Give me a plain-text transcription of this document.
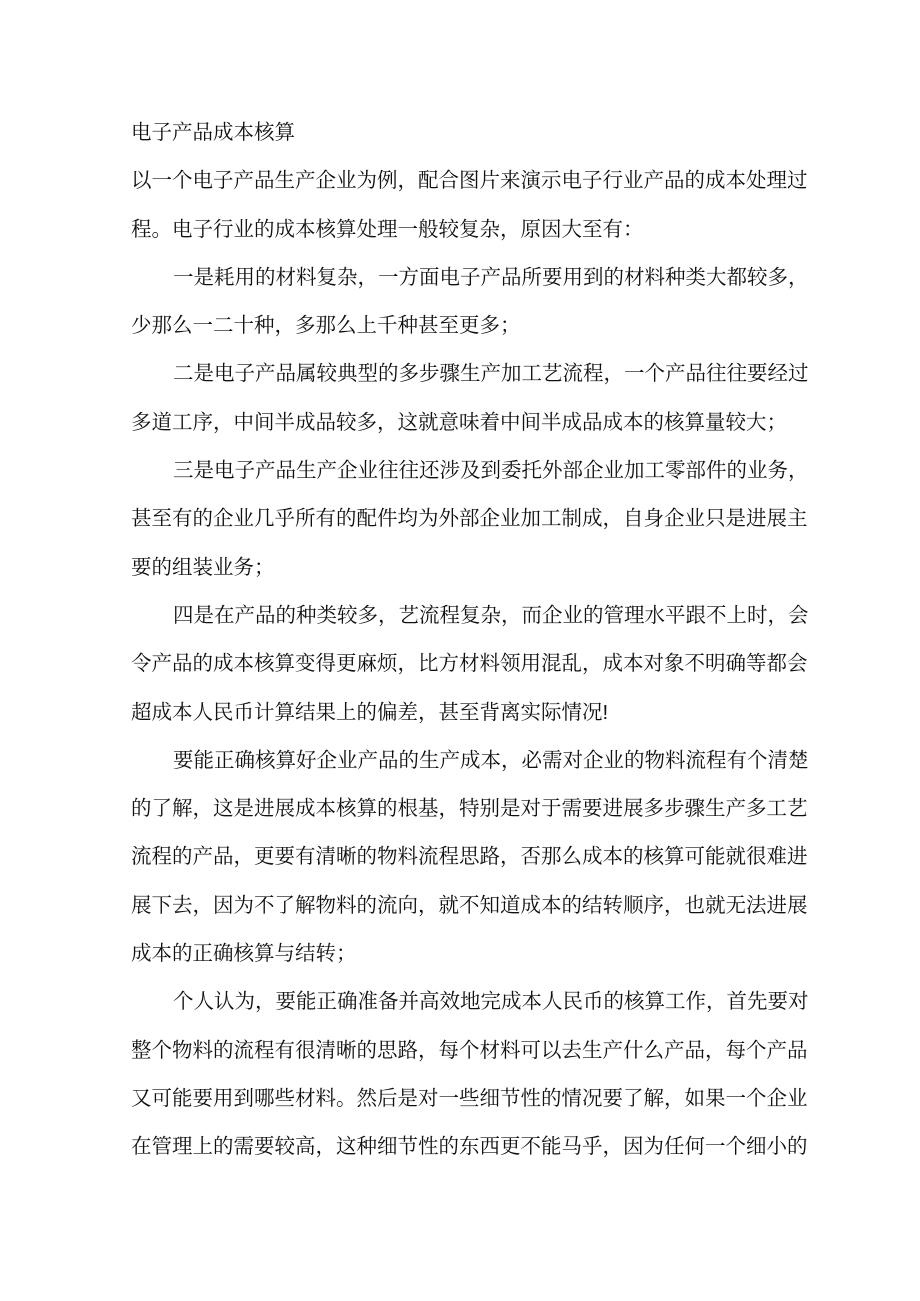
电子产品成本核算
以一个电子产品生产企业为例，配合图片来演示电子行业产品的成本处理过
程。电子行业的成本核算处理一般较复杂，原因大至有：
一是耗用的材料复杂，一方面电子产品所要用到的材料种类大都较多，
少那么一二十种，多那么上千种甚至更多；
二是电子产品属较典型的多步骤生产加工艺流程，一个产品往往要经过
多道工序，中间半成品较多，这就意味着中间半成品成本的核算量较大；
三是电子产品生产企业往往还涉及到委托外部企业加工零部件的业务，
甚至有的企业几乎所有的配件均为外部企业加工制成，自身企业只是进展主
要的组装业务；
四是在产品的种类较多，艺流程复杂，而企业的管理水平跟不上时，会
令产品的成本核算变得更麻烦，比方材料领用混乱，成本对象不明确等都会
超成本人民币计算结果上的偏差，甚至背离实际情况!
要能正确核算好企业产品的生产成本，必需对企业的物料流程有个清楚
的了解，这是进展成本核算的根基，特别是对于需要进展多步骤生产多工艺
流程的产品，更要有清晰的物料流程思路，否那么成本的核算可能就很难进
展下去，因为不了解物料的流向，就不知道成本的结转顺序，也就无法进展
成本的正确核算与结转；
个人认为，要能正确准备并高效地完成本人民币的核算工作，首先要对
整个物料的流程有很清晰的思路，每个材料可以去生产什么产品，每个产品
又可能要用到哪些材料。然后是对一些细节性的情况要了解，如果一个企业
在管理上的需要较高，这种细节性的东西更不能马乎，因为任何一个细小的
